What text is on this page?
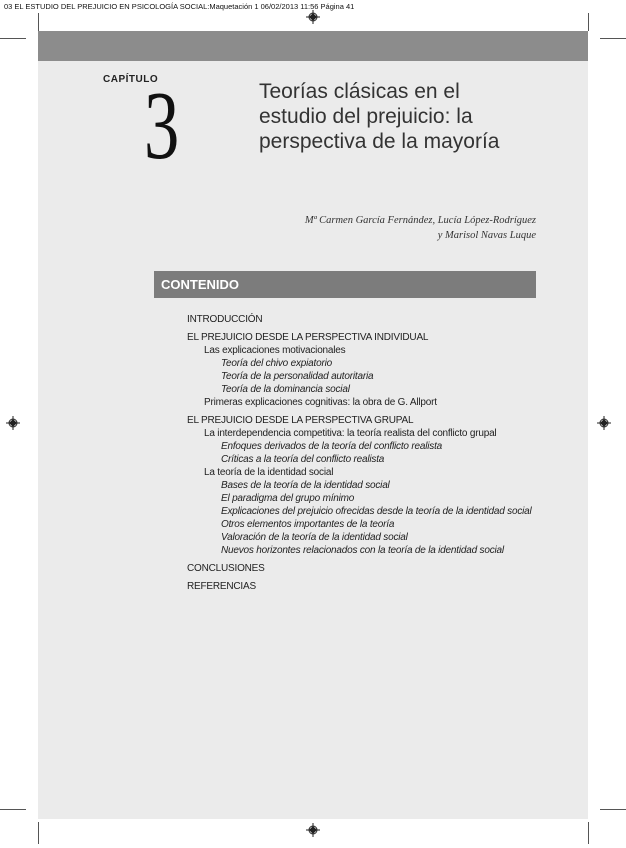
03 EL ESTUDIO DEL PREJUICIO EN PSICOLOGÍA SOCIAL:Maquetación 1 06/02/2013 11:56 Página 41
CAPÍTULO
3	Teorías clásicas en el
estudio del prejuicio: la
perspectiva de la mayoría
Mª Carmen García Fernández, Lucía López-Rodríguez
y Marisol Navas Luque
CONTENIDO
INTRODUCCIÓN
EL PREJUICIO DESDE LA PERSPECTIVA INDIVIDUAL
Las explicaciones motivacionales
Teoría del chivo expiatorio
Teoría de la personalidad autoritaria
Teoría de la dominancia social
Primeras explicaciones cognitivas: la obra de G. Allport
EL PREJUICIO DESDE LA PERSPECTIVA GRUPAL
La interdependencia competitiva: la teoría realista del conflicto grupal
Enfoques derivados de la teoría del conflicto realista
Críticas a la teoría del conflicto realista
La teoría de la identidad social
Bases de la teoría de la identidad social
El paradigma del grupo mínimo
Explicaciones del prejuicio ofrecidas desde la teoría de la identidad social
Otros elementos importantes de la teoría
Valoración de la teoría de la identidad social
Nuevos horizontes relacionados con la teoría de la identidad social
CONCLUSIONES
REFERENCIAS
